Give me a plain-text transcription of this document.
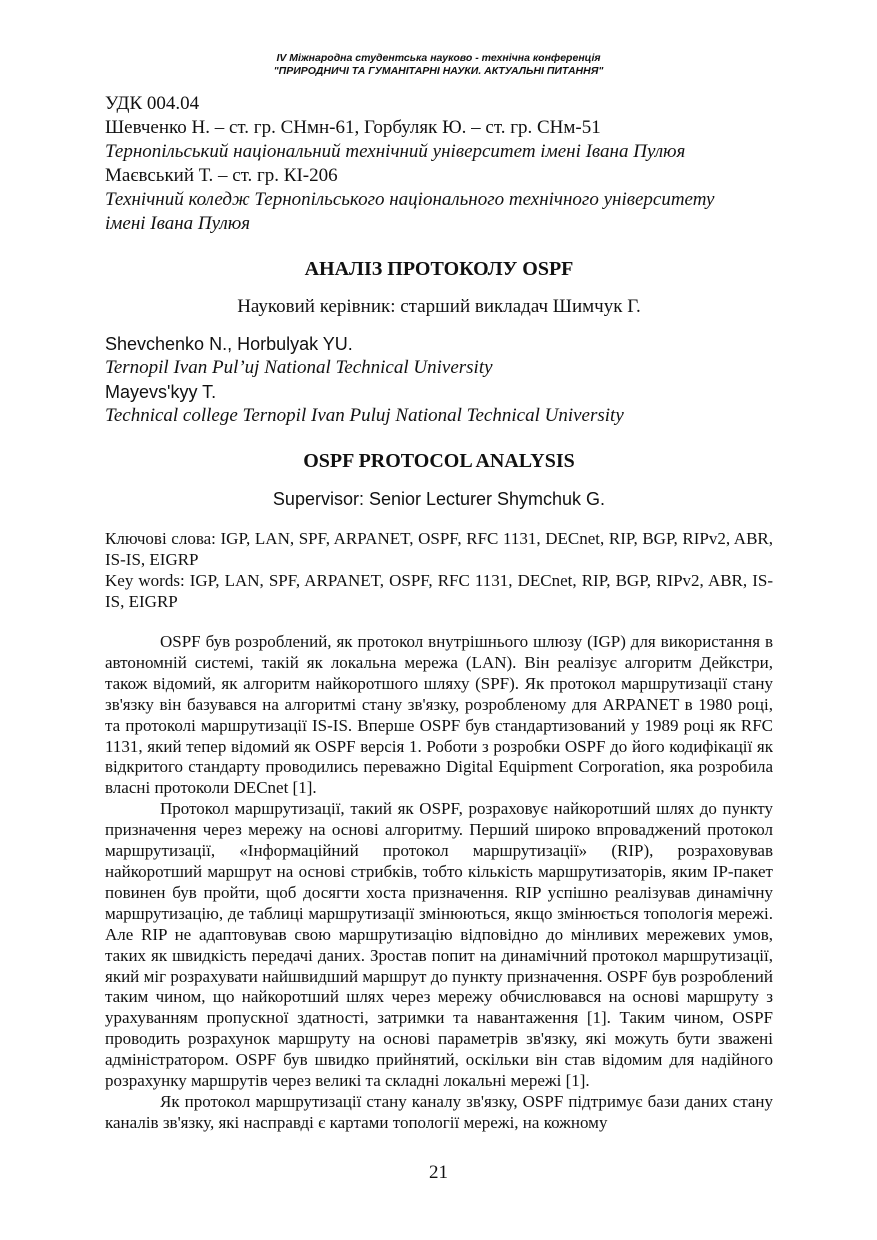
IV Міжнародна студентська науково - технічна конференція
"ПРИРОДНИЧІ ТА ГУМАНІТАРНІ НАУКИ. АКТУАЛЬНІ ПИТАННЯ"
УДК 004.04
Шевченко Н. – ст. гр. СНмн-61, Горбуляк Ю. – ст. гр. СНм-51
Тернопільський національний технічний університет імені Івана Пулюя
Маєвський Т. – ст. гр. КІ-206
Технічний коледж Тернопільського національного технічного університету
імені Івана Пулюя
АНАЛІЗ ПРОТОКОЛУ OSPF
Науковий керівник: старший викладач Шимчук Г.
Shevchenko N., Horbulyak YU.
Ternopil Ivan Pul’uj National Technical University
Mayevs'kyy T.
Technical college Ternopil Ivan Puluj National Technical University
OSPF PROTOCOL ANALYSIS
Supervisor: Senior Lecturer Shymchuk G.
Ключові слова: IGP, LAN, SPF, ARPANET, OSPF, RFC 1131, DECnet, RIP, BGP, RIPv2, ABR, IS-IS, EIGRP
Key words: IGP, LAN, SPF, ARPANET, OSPF, RFC 1131, DECnet, RIP, BGP, RIPv2, ABR, IS-IS, EIGRP

OSPF був розроблений, як протокол внутрішнього шлюзу (IGP) для використання в автономній системі, такій як локальна мережа (LAN). Він реалізує алгоритм Дейкстри, також відомий, як алгоритм найкоротшого шляху (SPF). Як протокол маршрутизації стану зв'язку він базувався на алгоритмі стану зв'язку, розробленому для ARPANET в 1980 році, та протоколі маршрутизації IS-IS. Вперше OSPF був стандартизований у 1989 році як RFC 1131, який тепер відомий як OSPF версія 1. Роботи з розробки OSPF до його кодифікації як відкритого стандарту проводились переважно Digital Equipment Corporation, яка розробила власні протоколи DECnet [1].

Протокол маршрутизації, такий як OSPF, розраховує найкоротший шлях до пункту призначення через мережу на основі алгоритму. Перший широко впроваджений протокол маршрутизації, «Інформаційний протокол маршрутизації» (RIP), розраховував найкоротший маршрут на основі стрибків, тобто кількість маршрутизаторів, яким IP-пакет повинен був пройти, щоб досягти хоста призначення. RIP успішно реалізував динамічну маршрутизацію, де таблиці маршрутизації змінюються, якщо змінюється топологія мережі. Але RIP не адаптовував свою маршрутизацію відповідно до мінливих мережевих умов, таких як швидкість передачі даних. Зростав попит на динамічний протокол маршрутизації, який міг розрахувати найшвидший маршрут до пункту призначення. OSPF був розроблений таким чином, що найкоротший шлях через мережу обчислювався на основі маршруту з урахуванням пропускної здатності, затримки та навантаження [1]. Таким чином, OSPF проводить розрахунок маршруту на основі параметрів зв'язку, які можуть бути зважені адміністратором. OSPF був швидко прийнятий, оскільки він став відомим для надійного розрахунку маршрутів через великі та складні локальні мережі [1].

Як протокол маршрутизації стану каналу зв'язку, OSPF підтримує бази даних стану каналів зв'язку, які насправді є картами топології мережі, на кожному

21
